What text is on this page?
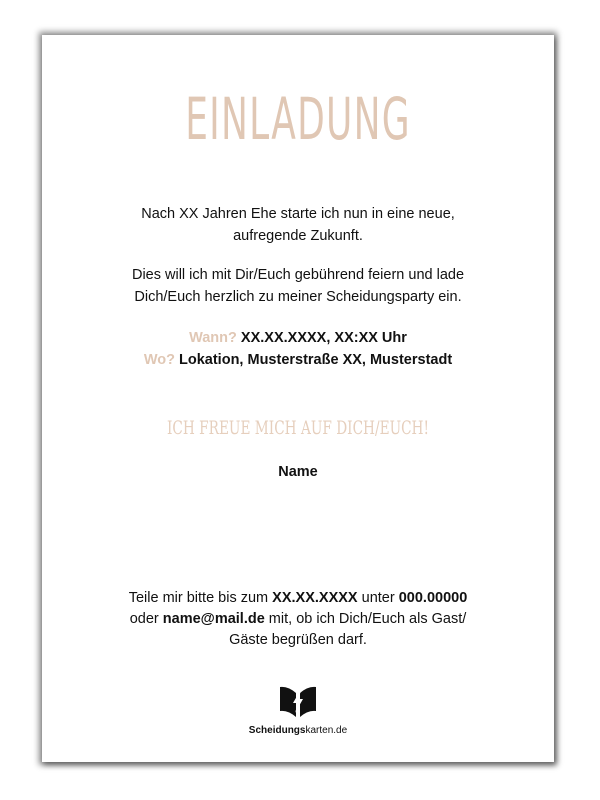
EINLADUNG
Nach XX Jahren Ehe starte ich nun in eine neue,
aufregende Zukunft.
Dies will ich mit Dir/Euch gebührend feiern und lade
Dich/Euch herzlich zu meiner Scheidungsparty ein.
Wann? XX.XX.XXXX, XX:XX Uhr
Wo? Lokation, Musterstraße XX, Musterstadt
ICH FREUE MICH AUF DICH/EUCH!
Name
Teile mir bitte bis zum XX.XX.XXXX unter 000.00000
oder name@mail.de mit, ob ich Dich/Euch als Gast/
Gäste begrüßen darf.
Scheidungskarten.de
